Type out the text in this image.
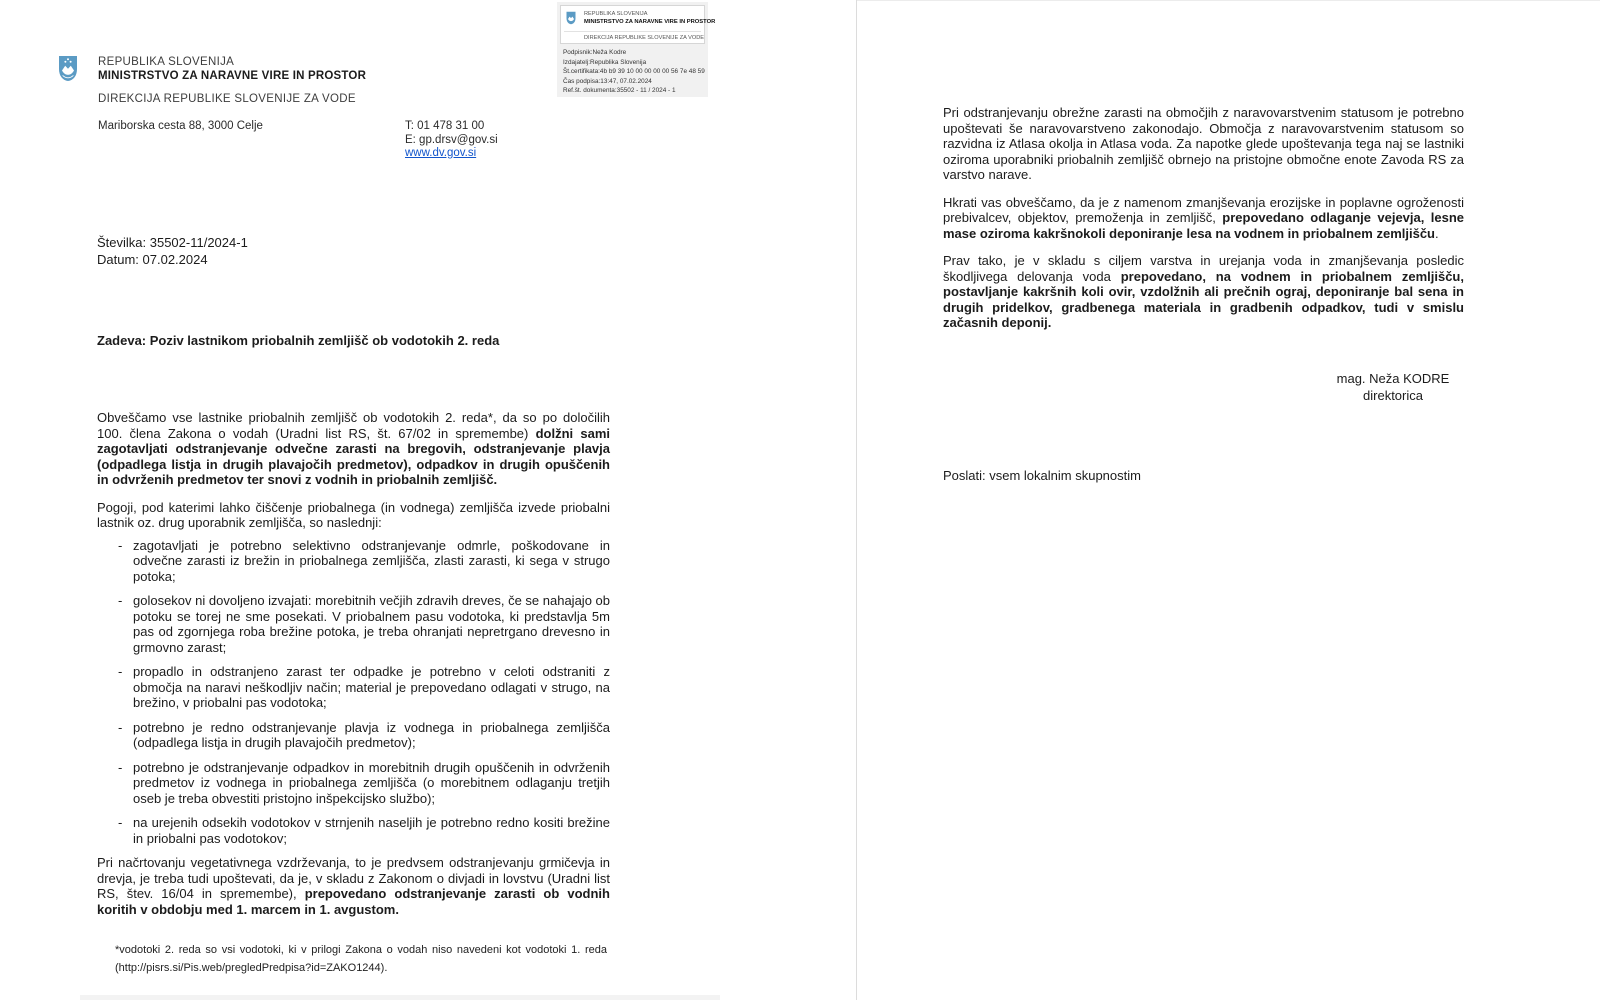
REPUBLIKA SLOVENIJA
MINISTRSTVO ZA NARAVNE VIRE IN PROSTOR
DIREKCIJA REPUBLIKE SLOVENIJE ZA VODE
Mariborska cesta 88, 3000 Celje	T: 01 478 31 00
E: gp.drsv@gov.si
www.dv.gov.si
Številka: 35502-11/2024-1
Datum: 07.02.2024
Zadeva: Poziv lastnikom priobalnih zemljišč ob vodotokih 2. reda

Obveščamo vse lastnike priobalnih zemljišč ob vodotokih 2. reda*, da so po določilih 100. člena Zakona o vodah (Uradni list RS, št. 67/02 in spremembe) dolžni sami zagotavljati odstranjevanje odvečne zarasti na bregovih, odstranjevanje plavja (odpadlega listja in drugih plavajočih predmetov), odpadkov in drugih opuščenih in odvrženih predmetov ter snovi z vodnih in priobalnih zemljišč.

Pogoji, pod katerimi lahko čiščenje priobalnega (in vodnega) zemljišča izvede priobalni lastnik oz. drug uporabnik zemljišča, so naslednji:

- zagotavljati je potrebno selektivno odstranjevanje odmrle, poškodovane in odvečne zarasti iz brežin in priobalnega zemljišča, zlasti zarasti, ki sega v strugo potoka;
- golosekov ni dovoljeno izvajati: morebitnih večjih zdravih dreves, če se nahajajo ob potoku se torej ne sme posekati. V priobalnem pasu vodotoka, ki predstavlja 5m pas od zgornjega roba brežine potoka, je treba ohranjati nepretrgano drevesno in grmovno zarast;
- propadlo in odstranjeno zarast ter odpadke je potrebno v celoti odstraniti z območja na naravi neškodljiv način; material je prepovedano odlagati v strugo, na brežino, v priobalni pas vodotoka;
- potrebno je redno odstranjevanje plavja iz vodnega in priobalnega zemljišča (odpadlega listja in drugih plavajočih predmetov);
- potrebno je odstranjevanje odpadkov in morebitnih drugih opuščenih in odvrženih predmetov iz vodnega in priobalnega zemljišča (o morebitnem odlaganju tretjih oseb je treba obvestiti pristojno inšpekcijsko službo);
- na urejenih odsekih vodotokov v strnjenih naseljih je potrebno redno kositi brežine in priobalni pas vodotokov;

Pri načrtovanju vegetativnega vzdrževanja, to je predvsem odstranjevanju grmičevja in drevja, je treba tudi upoštevati, da je, v skladu z Zakonom o divjadi in lovstvu (Uradni list RS, štev. 16/04 in spremembe), prepovedano odstranjevanje zarasti ob vodnih koritih v obdobju med 1. marcem in 1. avgustom.

*vodotoki 2. reda so vsi vodotoki, ki v prilogi Zakona o vodah niso navedeni kot vodotoki 1. reda (http://pisrs.si/Pis.web/pregledPredpisa?id=ZAKO1244).
REPUBLIKA SLOVENIJA
MINISTRSTVO ZA NARAVNE VIRE IN PROSTOR
DIREKCIJA REPUBLIKE SLOVENIJE ZA VODE
Podpisnik:Neža Kodre
Izdajatelj:Republika Slovenija
Št.certifikata:4b b9 39 10 00 00 00 00 56 7e 48 59
Čas podpisa:13:47, 07.02.2024
Ref.št. dokumenta:35502 - 11 / 2024 - 1

Pri odstranjevanju obrežne zarasti na območjih z naravovarstvenim statusom je potrebno upoštevati še naravovarstveno zakonodajo. Območja z naravovarstvenim statusom so razvidna iz Atlasa okolja in Atlasa voda. Za napotke glede upoštevanja tega naj se lastniki oziroma uporabniki priobalnih zemljišč obrnejo na pristojne območne enote Zavoda RS za varstvo narave.

Hkrati vas obveščamo, da je z namenom zmanjševanja erozijske in poplavne ogroženosti prebivalcev, objektov, premoženja in zemljišč, prepovedano odlaganje vejevja, lesne mase oziroma kakršnokoli deponiranje lesa na vodnem in priobalnem zemljišču.

Prav tako, je v skladu s ciljem varstva in urejanja voda in zmanjševanja posledic škodljivega delovanja voda prepovedano, na vodnem in priobalnem zemljišču, postavljanje kakršnih koli ovir, vzdolžnih ali prečnih ograj, deponiranje bal sena in drugih pridelkov, gradbenega materiala in gradbenih odpadkov, tudi v smislu začasnih deponij.

mag. Neža KODRE
direktorica
Poslati: vsem lokalnim skupnostim
